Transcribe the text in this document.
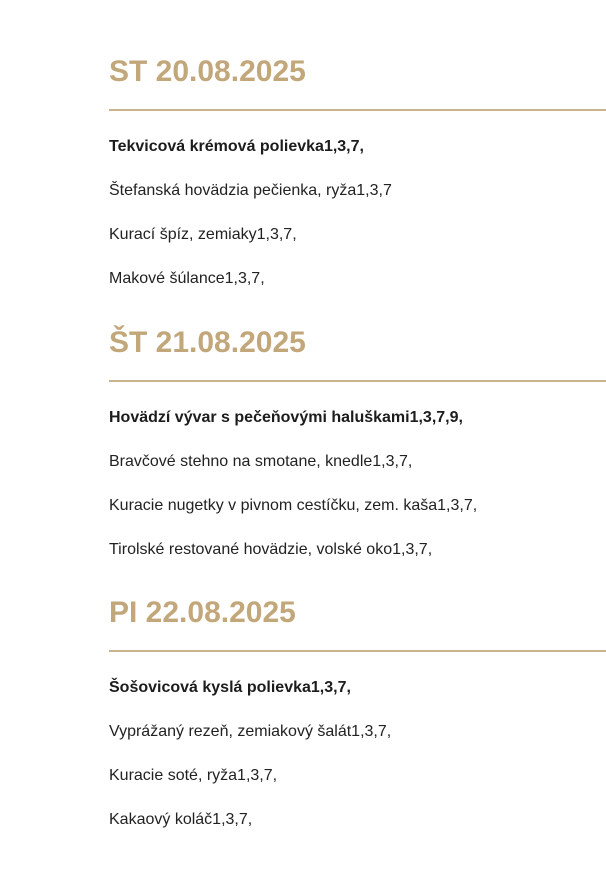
ST 20.08.2025
Tekvicová krémová polievka1,3,7,
Štefanská hovädzia pečienka, ryža1,3,7
Kurací špíz, zemiaky1,3,7,
Makové šúlance1,3,7,
ŠT 21.08.2025
Hovädzí vývar s pečeňovými haluškami1,3,7,9,
Bravčové stehno na smotane, knedle1,3,7,
Kuracie nugetky v pivnom cestíčku, zem. kaša1,3,7,
Tirolské restované hovädzie, volské oko1,3,7,
PI 22.08.2025
Šošovicová kyslá polievka1,3,7,
Vyprážaný rezeň, zemiakový šalát1,3,7,
Kuracie soté, ryža1,3,7,
Kakaový koláč1,3,7,
